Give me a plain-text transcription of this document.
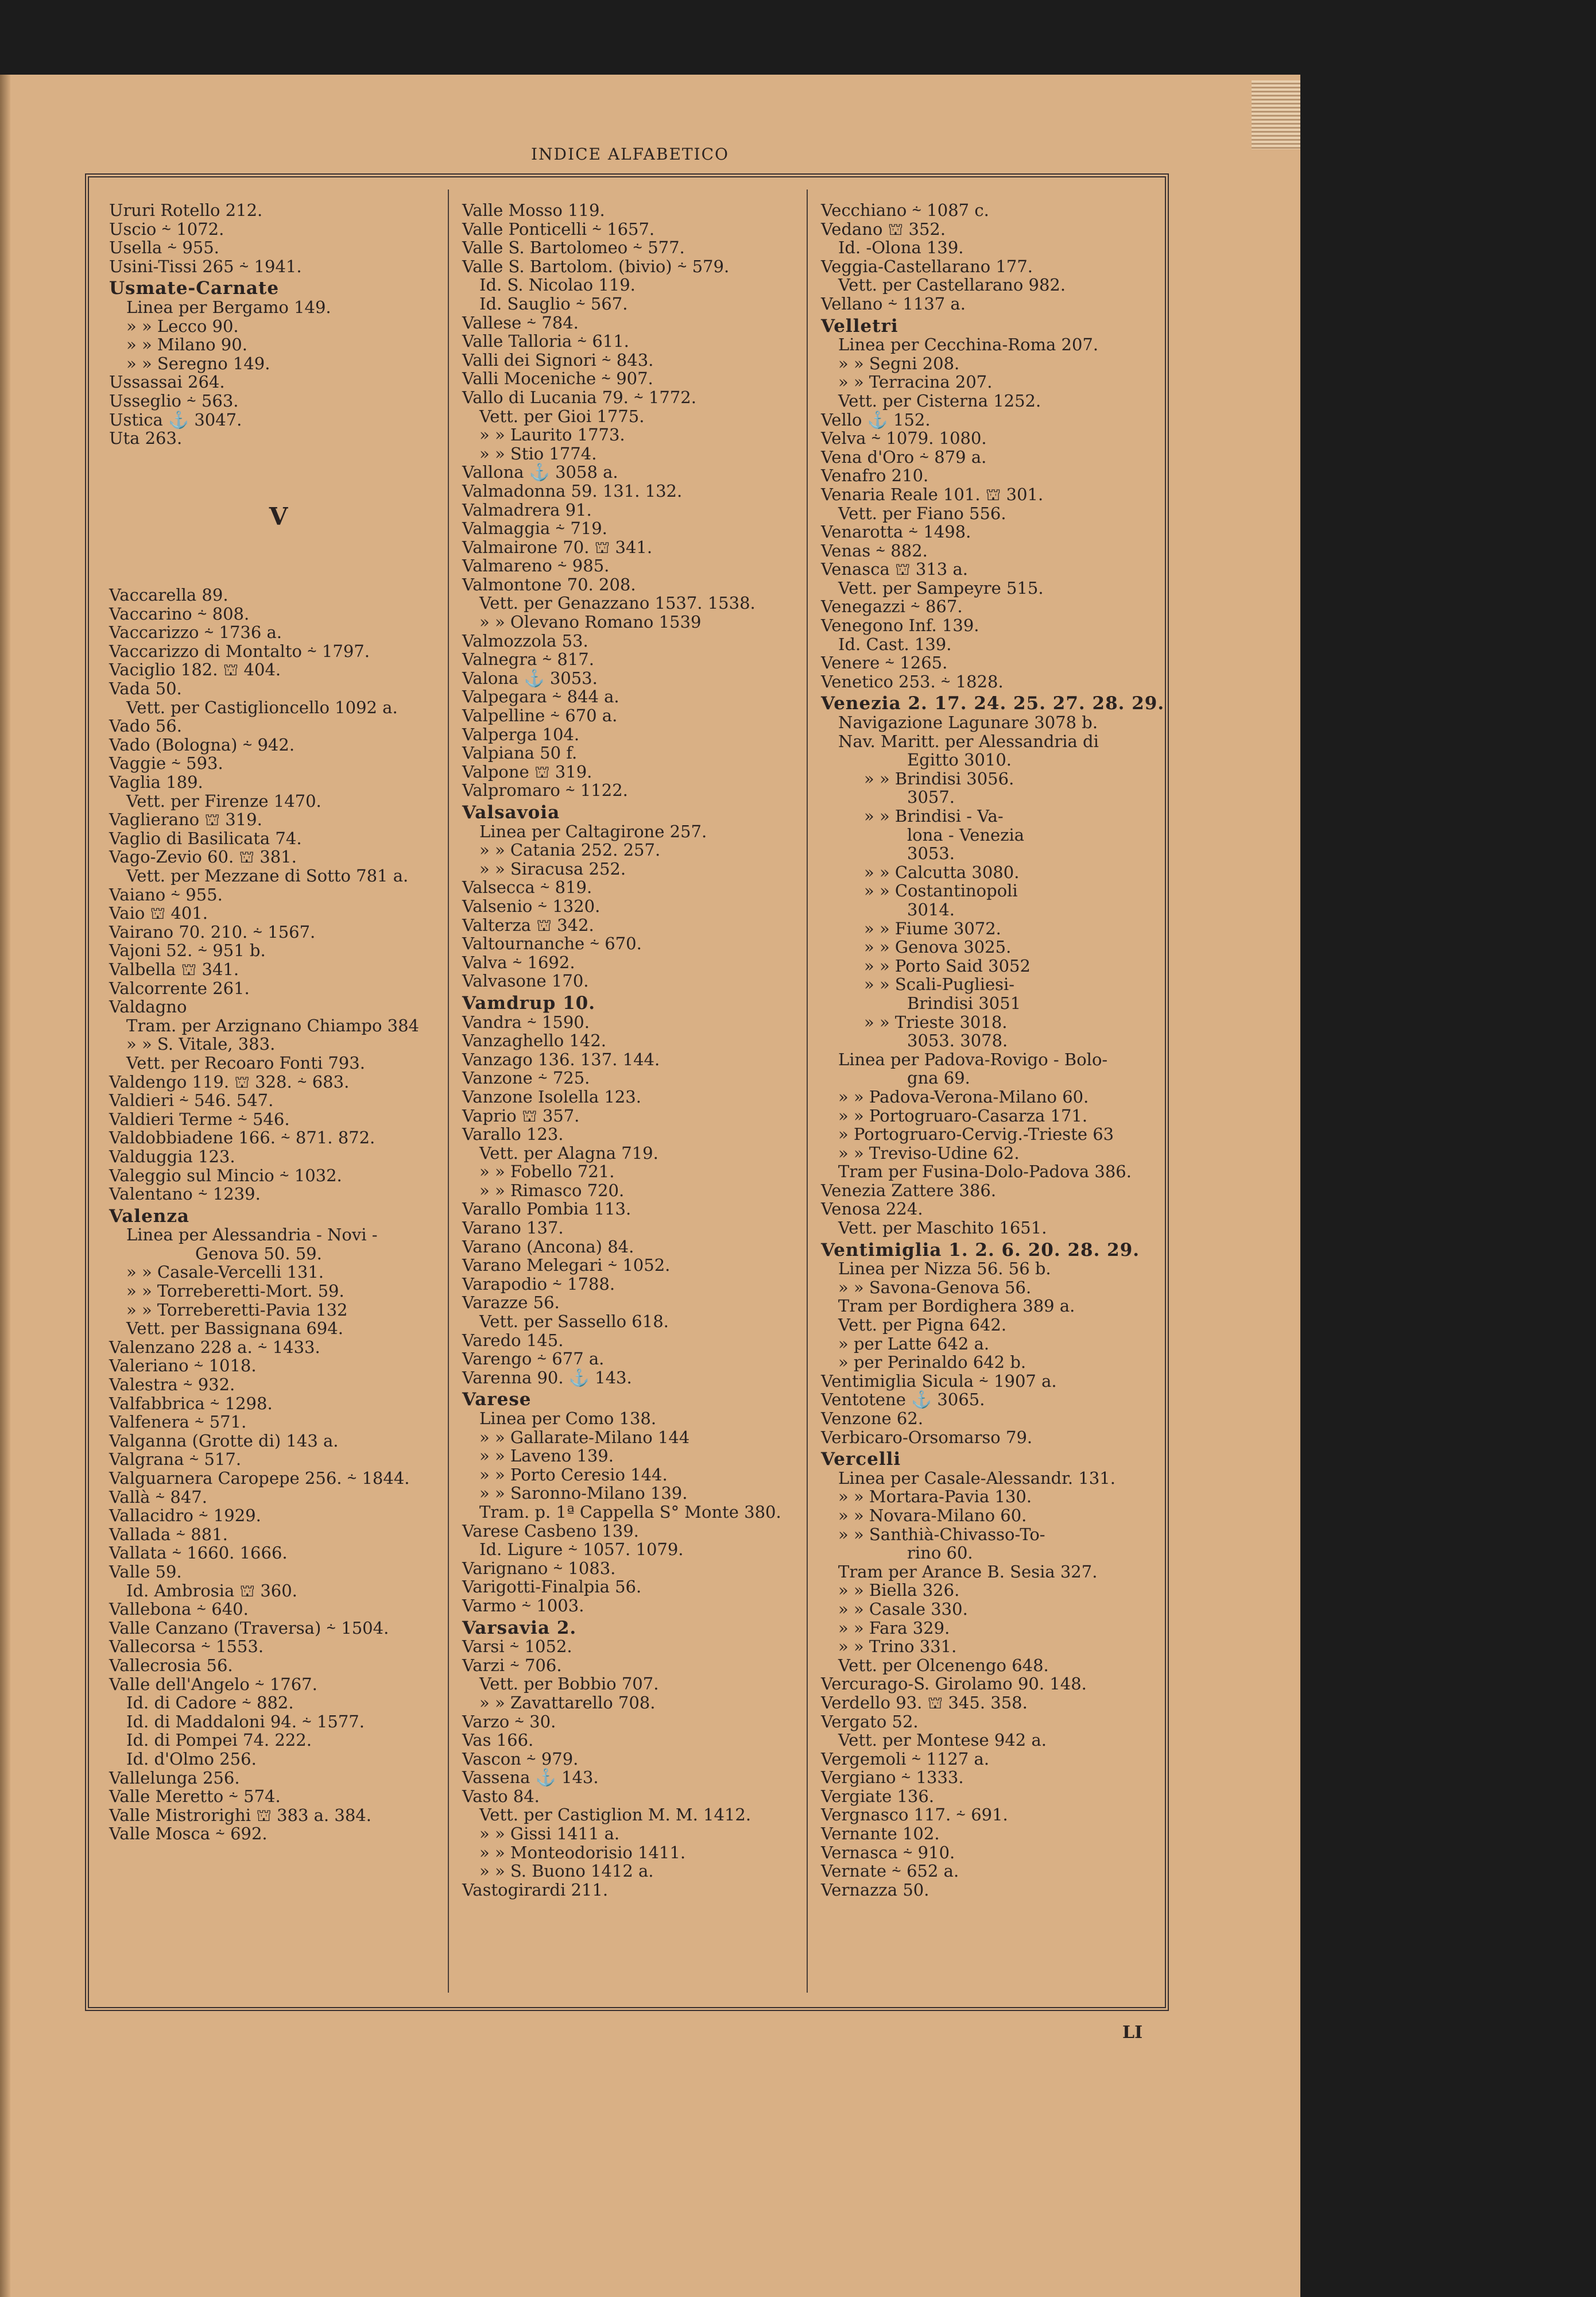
INDICE ALFABETICO
Ururi Rotello 212.
Uscio ⸞ 1072.
Usella ⸞ 955.
Usini-Tissi 265 ⸞ 1941.
Usmate-Carnate
Linea per Bergamo 149.
» » Lecco 90.
» » Milano 90.
» » Seregno 149.
Ussassai 264.
Usseglio ⸞ 563.
Ustica ⚓ 3047.
Uta 263.
V
Vaccarella 89.
Vaccarino ⸞ 808.
Vaccarizzo ⸞ 1736 a.
Vaccarizzo di Montalto ⸞ 1797.
Vaciglio 182. ⛫ 404.
Vada 50.
Vett. per Castiglioncello 1092 a.
Vado 56.
Vado (Bologna) ⸞ 942.
Vaggie ⸞ 593.
Vaglia 189.
Vett. per Firenze 1470.
Vaglierano ⛫ 319.
Vaglio di Basilicata 74.
Vago-Zevio 60. ⛫ 381.
Vett. per Mezzane di Sotto 781 a.
Vaiano ⸞ 955.
Vaio ⛫ 401.
Vairano 70. 210. ⸞ 1567.
Vajoni 52. ⸞ 951 b.
Valbella ⛫ 341.
Valcorrente 261.
Valdagno
Tram. per Arzignano Chiampo 384
» » S. Vitale, 383.
Vett. per Recoaro Fonti 793.
Valdengo 119. ⛫ 328. ⸞ 683.
Valdieri ⸞ 546. 547.
Valdieri Terme ⸞ 546.
Valdobbiadene 166. ⸞ 871. 872.
Valduggia 123.
Valeggio sul Mincio ⸞ 1032.
Valentano ⸞ 1239.
Valenza
Linea per Alessandria - Novi -
Genova 50. 59.
» » Casale-Vercelli 131.
» » Torreberetti-Mort. 59.
» » Torreberetti-Pavia 132
Vett. per Bassignana 694.
Valenzano 228 a. ⸞ 1433.
Valeriano ⸞ 1018.
Valestra ⸞ 932.
Valfabbrica ⸞ 1298.
Valfenera ⸞ 571.
Valganna (Grotte di) 143 a.
Valgrana ⸞ 517.
Valguarnera Caropepe 256. ⸞ 1844.
Vallà ⸞ 847.
Vallacidro ⸞ 1929.
Vallada ⸞ 881.
Vallata ⸞ 1660. 1666.
Valle 59.
Id. Ambrosia ⛫ 360.
Vallebona ⸞ 640.
Valle Canzano (Traversa) ⸞ 1504.
Vallecorsa ⸞ 1553.
Vallecrosia 56.
Valle dell'Angelo ⸞ 1767.
Id. di Cadore ⸞ 882.
Id. di Maddaloni 94. ⸞ 1577.
Id. di Pompei 74. 222.
Id. d'Olmo 256.
Vallelunga 256.
Valle Meretto ⸞ 574.
Valle Mistrorighi ⛫ 383 a. 384.
Valle Mosca ⸞ 692.
Valle Mosso 119.
Valle Ponticelli ⸞ 1657.
Valle S. Bartolomeo ⸞ 577.
Valle S. Bartolom. (bivio) ⸞ 579.
Id. S. Nicolao 119.
Id. Sauglio ⸞ 567.
Vallese ⸞ 784.
Valle Talloria ⸞ 611.
Valli dei Signori ⸞ 843.
Valli Moceniche ⸞ 907.
Vallo di Lucania 79. ⸞ 1772.
Vett. per Gioi 1775.
» » Laurito 1773.
» » Stio 1774.
Vallona ⚓ 3058 a.
Valmadonna 59. 131. 132.
Valmadrera 91.
Valmaggia ⸞ 719.
Valmairone 70. ⛫ 341.
Valmareno ⸞ 985.
Valmontone 70. 208.
Vett. per Genazzano 1537. 1538.
» » Olevano Romano 1539
Valmozzola 53.
Valnegra ⸞ 817.
Valona ⚓ 3053.
Valpegara ⸞ 844 a.
Valpelline ⸞ 670 a.
Valperga 104.
Valpiana 50 f.
Valpone ⛫ 319.
Valpromaro ⸞ 1122.
Valsavoia
Linea per Caltagirone 257.
» » Catania 252. 257.
» » Siracusa 252.
Valsecca ⸞ 819.
Valsenio ⸞ 1320.
Valterza ⛫ 342.
Valtournanche ⸞ 670.
Valva ⸞ 1692.
Valvasone 170.
Vamdrup 10.
Vandra ⸞ 1590.
Vanzaghello 142.
Vanzago 136. 137. 144.
Vanzone ⸞ 725.
Vanzone Isolella 123.
Vaprio ⛫ 357.
Varallo 123.
Vett. per Alagna 719.
» » Fobello 721.
» » Rimasco 720.
Varallo Pombia 113.
Varano 137.
Varano (Ancona) 84.
Varano Melegari ⸞ 1052.
Varapodio ⸞ 1788.
Varazze 56.
Vett. per Sassello 618.
Varedo 145.
Varengo ⸞ 677 a.
Varenna 90. ⚓ 143.
Varese
Linea per Como 138.
» » Gallarate-Milano 144
» » Laveno 139.
» » Porto Ceresio 144.
» » Saronno-Milano 139.
Tram. p. 1ª Cappella S° Monte 380.
Varese Casbeno 139.
Id. Ligure ⸞ 1057. 1079.
Varignano ⸞ 1083.
Varigotti-Finalpia 56.
Varmo ⸞ 1003.
Varsavia 2.
Varsi ⸞ 1052.
Varzi ⸞ 706.
Vett. per Bobbio 707.
» » Zavattarello 708.
Varzo ⸞ 30.
Vas 166.
Vascon ⸞ 979.
Vassena ⚓ 143.
Vasto 84.
Vett. per Castiglion M. M. 1412.
» » Gissi 1411 a.
» » Monteodorisio 1411.
» » S. Buono 1412 a.
Vastogirardi 211.
Vecchiano ⸞ 1087 c.
Vedano ⛫ 352.
Id. -Olona 139.
Veggia-Castellarano 177.
Vett. per Castellarano 982.
Vellano ⸞ 1137 a.
Velletri
Linea per Cecchina-Roma 207.
» » Segni 208.
» » Terracina 207.
Vett. per Cisterna 1252.
Vello ⚓ 152.
Velva ⸞ 1079. 1080.
Vena d'Oro ⸞ 879 a.
Venafro 210.
Venaria Reale 101. ⛫ 301.
Vett. per Fiano 556.
Venarotta ⸞ 1498.
Venas ⸞ 882.
Venasca ⛫ 313 a.
Vett. per Sampeyre 515.
Venegazzi ⸞ 867.
Venegono Inf. 139.
Id. Cast. 139.
Venere ⸞ 1265.
Venetico 253. ⸞ 1828.
Venezia 2. 17. 24. 25. 27. 28. 29.
Navigazione Lagunare 3078 b.
Nav. Maritt. per Alessandria di
Egitto 3010.
» » Brindisi 3056.
3057.
» » Brindisi - Va-
lona - Venezia
3053.
» » Calcutta 3080.
» » Costantinopoli
3014.
» » Fiume 3072.
» » Genova 3025.
» » Porto Said 3052
» » Scali-Pugliesi-
Brindisi 3051
» » Trieste 3018.
3053. 3078.
Linea per Padova-Rovigo - Bolo-
gna 69.
» » Padova-Verona-Milano 60.
» » Portogruaro-Casarza 171.
» Portogruaro-Cervig.-Trieste 63
» » Treviso-Udine 62.
Tram per Fusina-Dolo-Padova 386.
Venezia Zattere 386.
Venosa 224.
Vett. per Maschito 1651.
Ventimiglia 1. 2. 6. 20. 28. 29.
Linea per Nizza 56. 56 b.
» » Savona-Genova 56.
Tram per Bordighera 389 a.
Vett. per Pigna 642.
» per Latte 642 a.
» per Perinaldo 642 b.
Ventimiglia Sicula ⸞ 1907 a.
Ventotene ⚓ 3065.
Venzone 62.
Verbicaro-Orsomarso 79.
Vercelli
Linea per Casale-Alessandr. 131.
» » Mortara-Pavia 130.
» » Novara-Milano 60.
» » Santhià-Chivasso-To-
rino 60.
Tram per Arance B. Sesia 327.
» » Biella 326.
» » Casale 330.
» » Fara 329.
» » Trino 331.
Vett. per Olcenengo 648.
Vercurago-S. Girolamo 90. 148.
Verdello 93. ⛫ 345. 358.
Vergato 52.
Vett. per Montese 942 a.
Vergemoli ⸞ 1127 a.
Vergiano ⸞ 1333.
Vergiate 136.
Vergnasco 117. ⸞ 691.
Vernante 102.
Vernasca ⸞ 910.
Vernate ⸞ 652 a.
Vernazza 50.
LI
